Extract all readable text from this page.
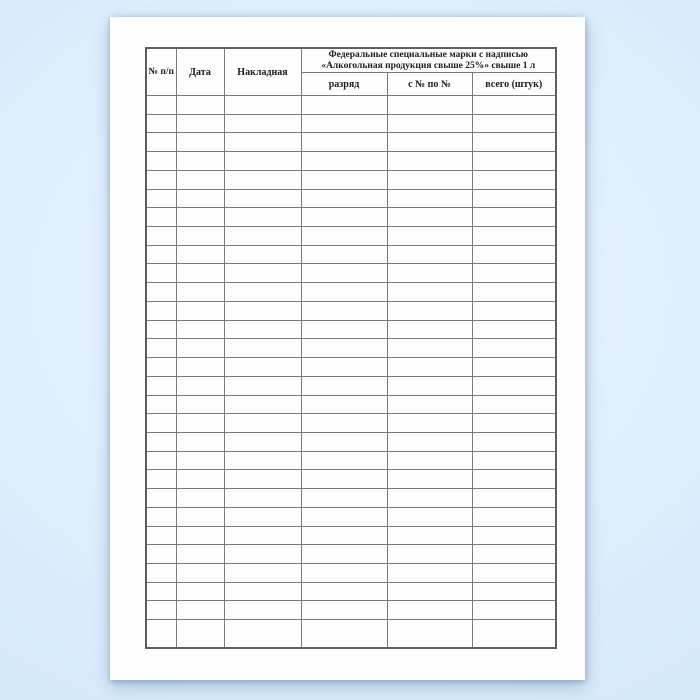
№ п/п	Дата	Накладная	Федеральные специальные марки с надписью
«Алкогольная продукция свыше 25%» свыше 1 л		

			разряд	с № по №	всего (штук)
